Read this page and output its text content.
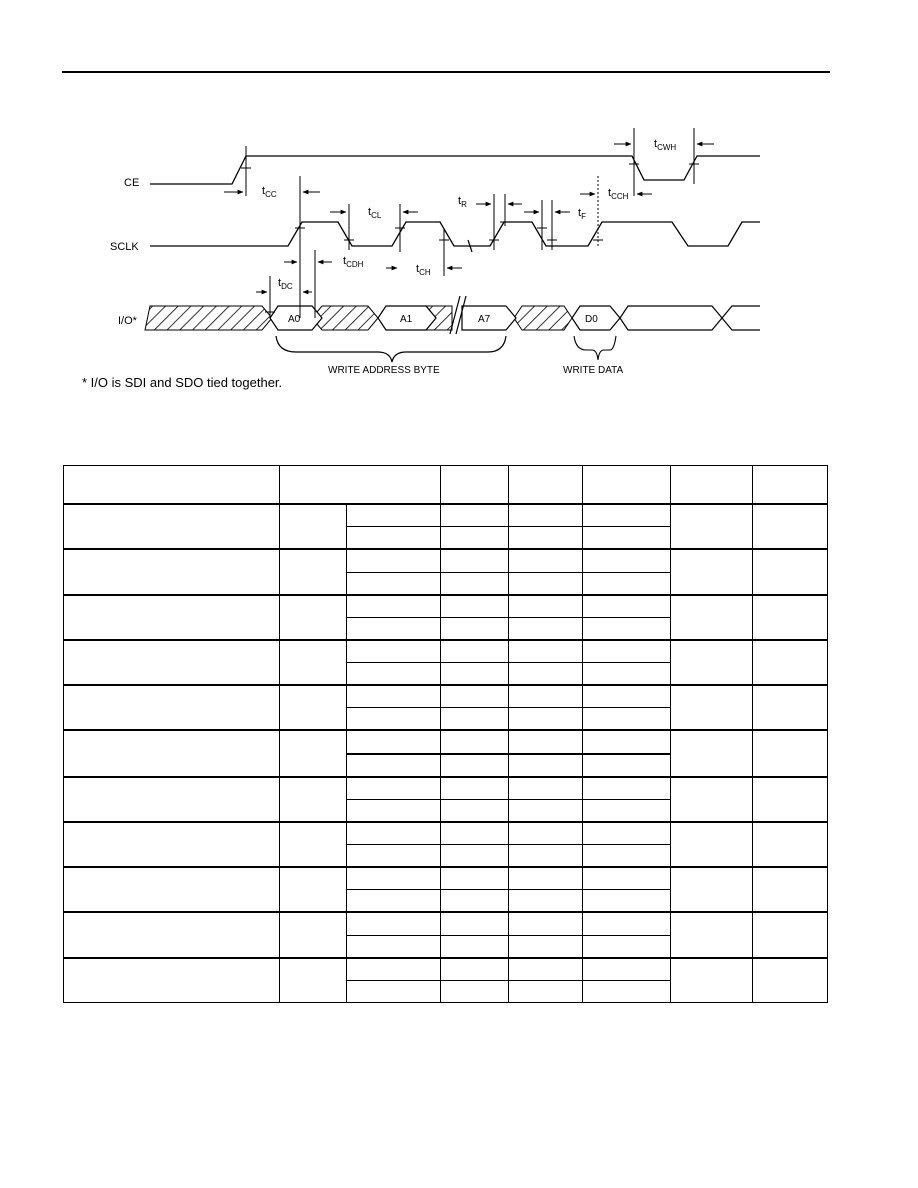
CE
SCLK
I/O*	A0	A1	A7	D0
$t_{CC}$
$t_{CWH}$
$t_{CL}$
$t_R$
$t_F$
$t_{CCH}$
$t_{CDH}$	$t_{CH}$
$t_{DC}$
WRITE ADDRESS BYTE	WRITE DATA
* I/O is SDI and SDO tied together.
